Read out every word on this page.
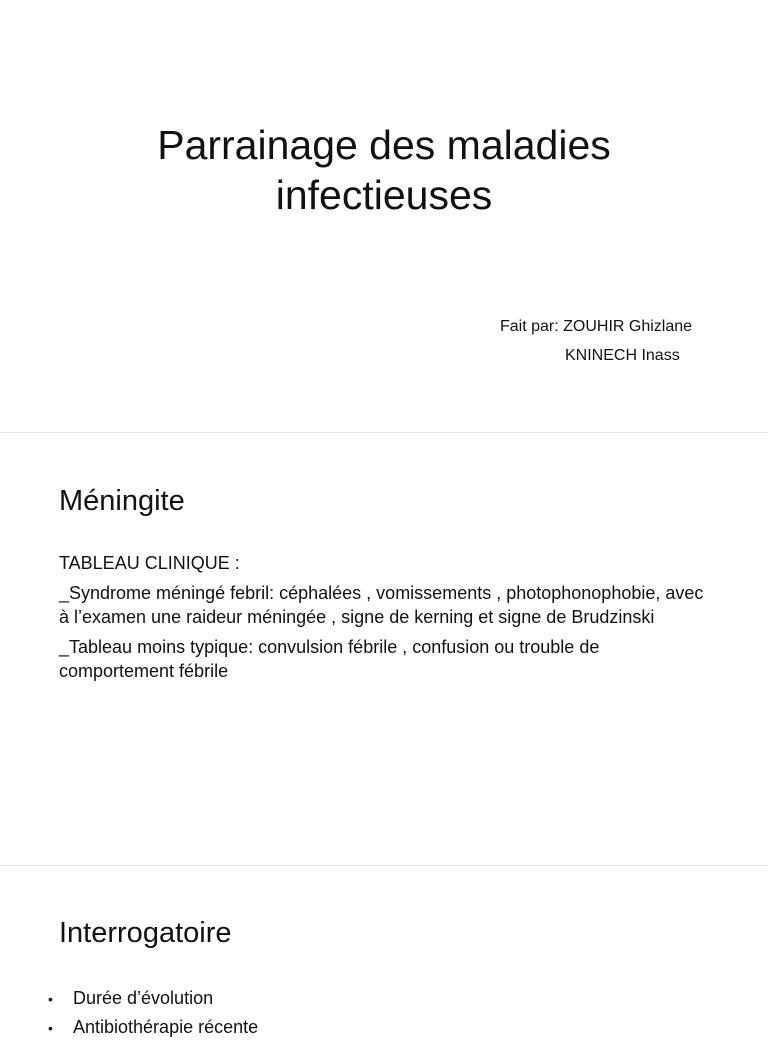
Parrainage des maladies
infectieuses
Fait par: ZOUHIR Ghizlane
KNINECH Inass
Méningite

TABLEAU CLINIQUE :

_Syndrome méningé febril: céphalées , vomissements , photophonophobie, avec à l’examen une raideur méningée , signe de kerning et signe de Brudzinski

_Tableau moins typique: convulsion fébrile , confusion ou trouble de comportement fébrile

Interrogatoire
•	Durée d’évolution
•	Antibiothérapie récente
